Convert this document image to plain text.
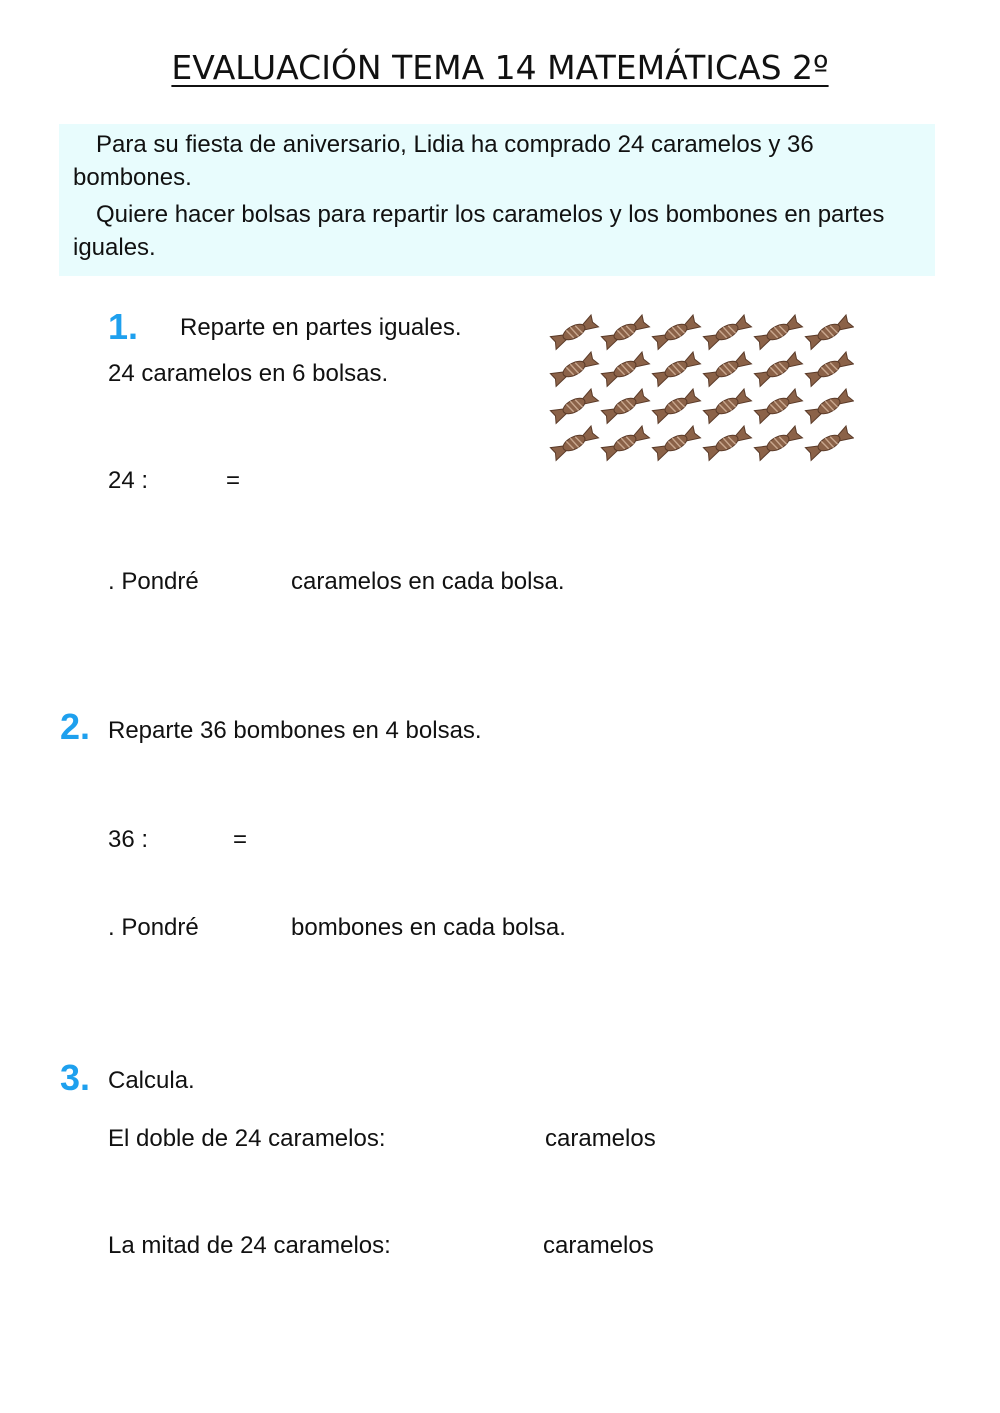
EVALUACIÓN TEMA 14 MATEMÁTICAS 2º

Para su fiesta de aniversario, Lidia ha comprado 24 caramelos y 36 bombones.

Quiere hacer bolsas para repartir los caramelos y los bombones en partes iguales.

1. Reparte en partes iguales.
24 caramelos en 6 bolsas.
24 :	=
. Pondré	caramelos en cada bolsa.
2. Reparte 36 bombones en 4 bolsas.
36 :	=
. Pondré	bombones en cada bolsa.
3. Calcula.
El doble de 24 caramelos:	caramelos
La mitad de 24 caramelos:	caramelos
